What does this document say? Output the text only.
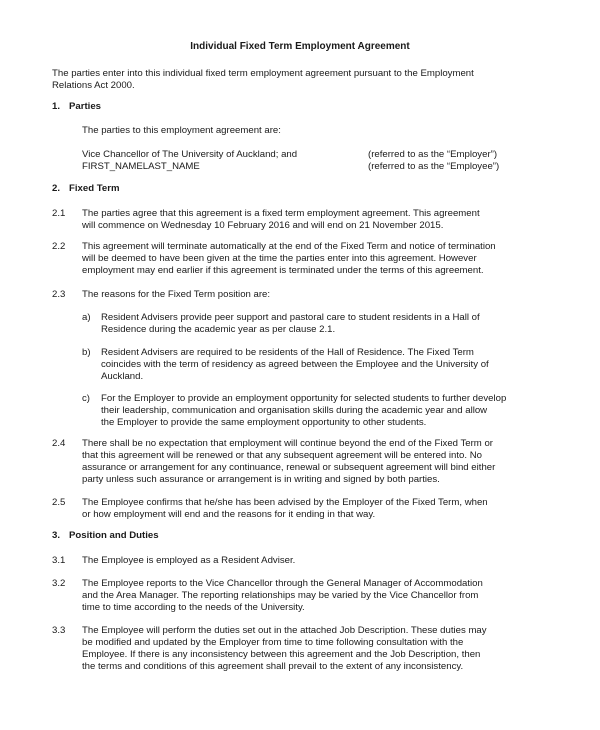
Individual Fixed Term Employment Agreement
The parties enter into this individual fixed term employment agreement pursuant to the Employment
Relations Act 2000.
1. Parties
The parties to this employment agreement are:
Vice Chancellor of The University of Auckland; and	(referred to as the “Employer”)
FIRST_NAMELAST_NAME	(referred to as the “Employee”)
2. Fixed Term
2.1 The parties agree that this agreement is a fixed term employment agreement. This agreement
will commence on Wednesday 10 February 2016 and will end on 21 November 2015.
2.2 This agreement will terminate automatically at the end of the Fixed Term and notice of termination
will be deemed to have been given at the time the parties enter into this agreement. However
employment may end earlier if this agreement is terminated under the terms of this agreement.
2.3 The reasons for the Fixed Term position are:
a) Resident Advisers provide peer support and pastoral care to student residents in a Hall of
Residence during the academic year as per clause 2.1.
b) Resident Advisers are required to be residents of the Hall of Residence. The Fixed Term
coincides with the term of residency as agreed between the Employee and the University of
Auckland.
c) For the Employer to provide an employment opportunity for selected students to further develop
their leadership, communication and organisation skills during the academic year and allow
the Employer to provide the same employment opportunity to other students.
2.4 There shall be no expectation that employment will continue beyond the end of the Fixed Term or
that this agreement will be renewed or that any subsequent agreement will be entered into. No
assurance or arrangement for any continuance, renewal or subsequent agreement will bind either
party unless such assurance or arrangement is in writing and signed by both parties.
2.5 The Employee confirms that he/she has been advised by the Employer of the Fixed Term, when
or how employment will end and the reasons for it ending in that way.
3. Position and Duties
3.1 The Employee is employed as a Resident Adviser.
3.2 The Employee reports to the Vice Chancellor through the General Manager of Accommodation
and the Area Manager. The reporting relationships may be varied by the Vice Chancellor from
time to time according to the needs of the University.
3.3 The Employee will perform the duties set out in the attached Job Description. These duties may
be modified and updated by the Employer from time to time following consultation with the
Employee. If there is any inconsistency between this agreement and the Job Description, then
the terms and conditions of this agreement shall prevail to the extent of any inconsistency.
